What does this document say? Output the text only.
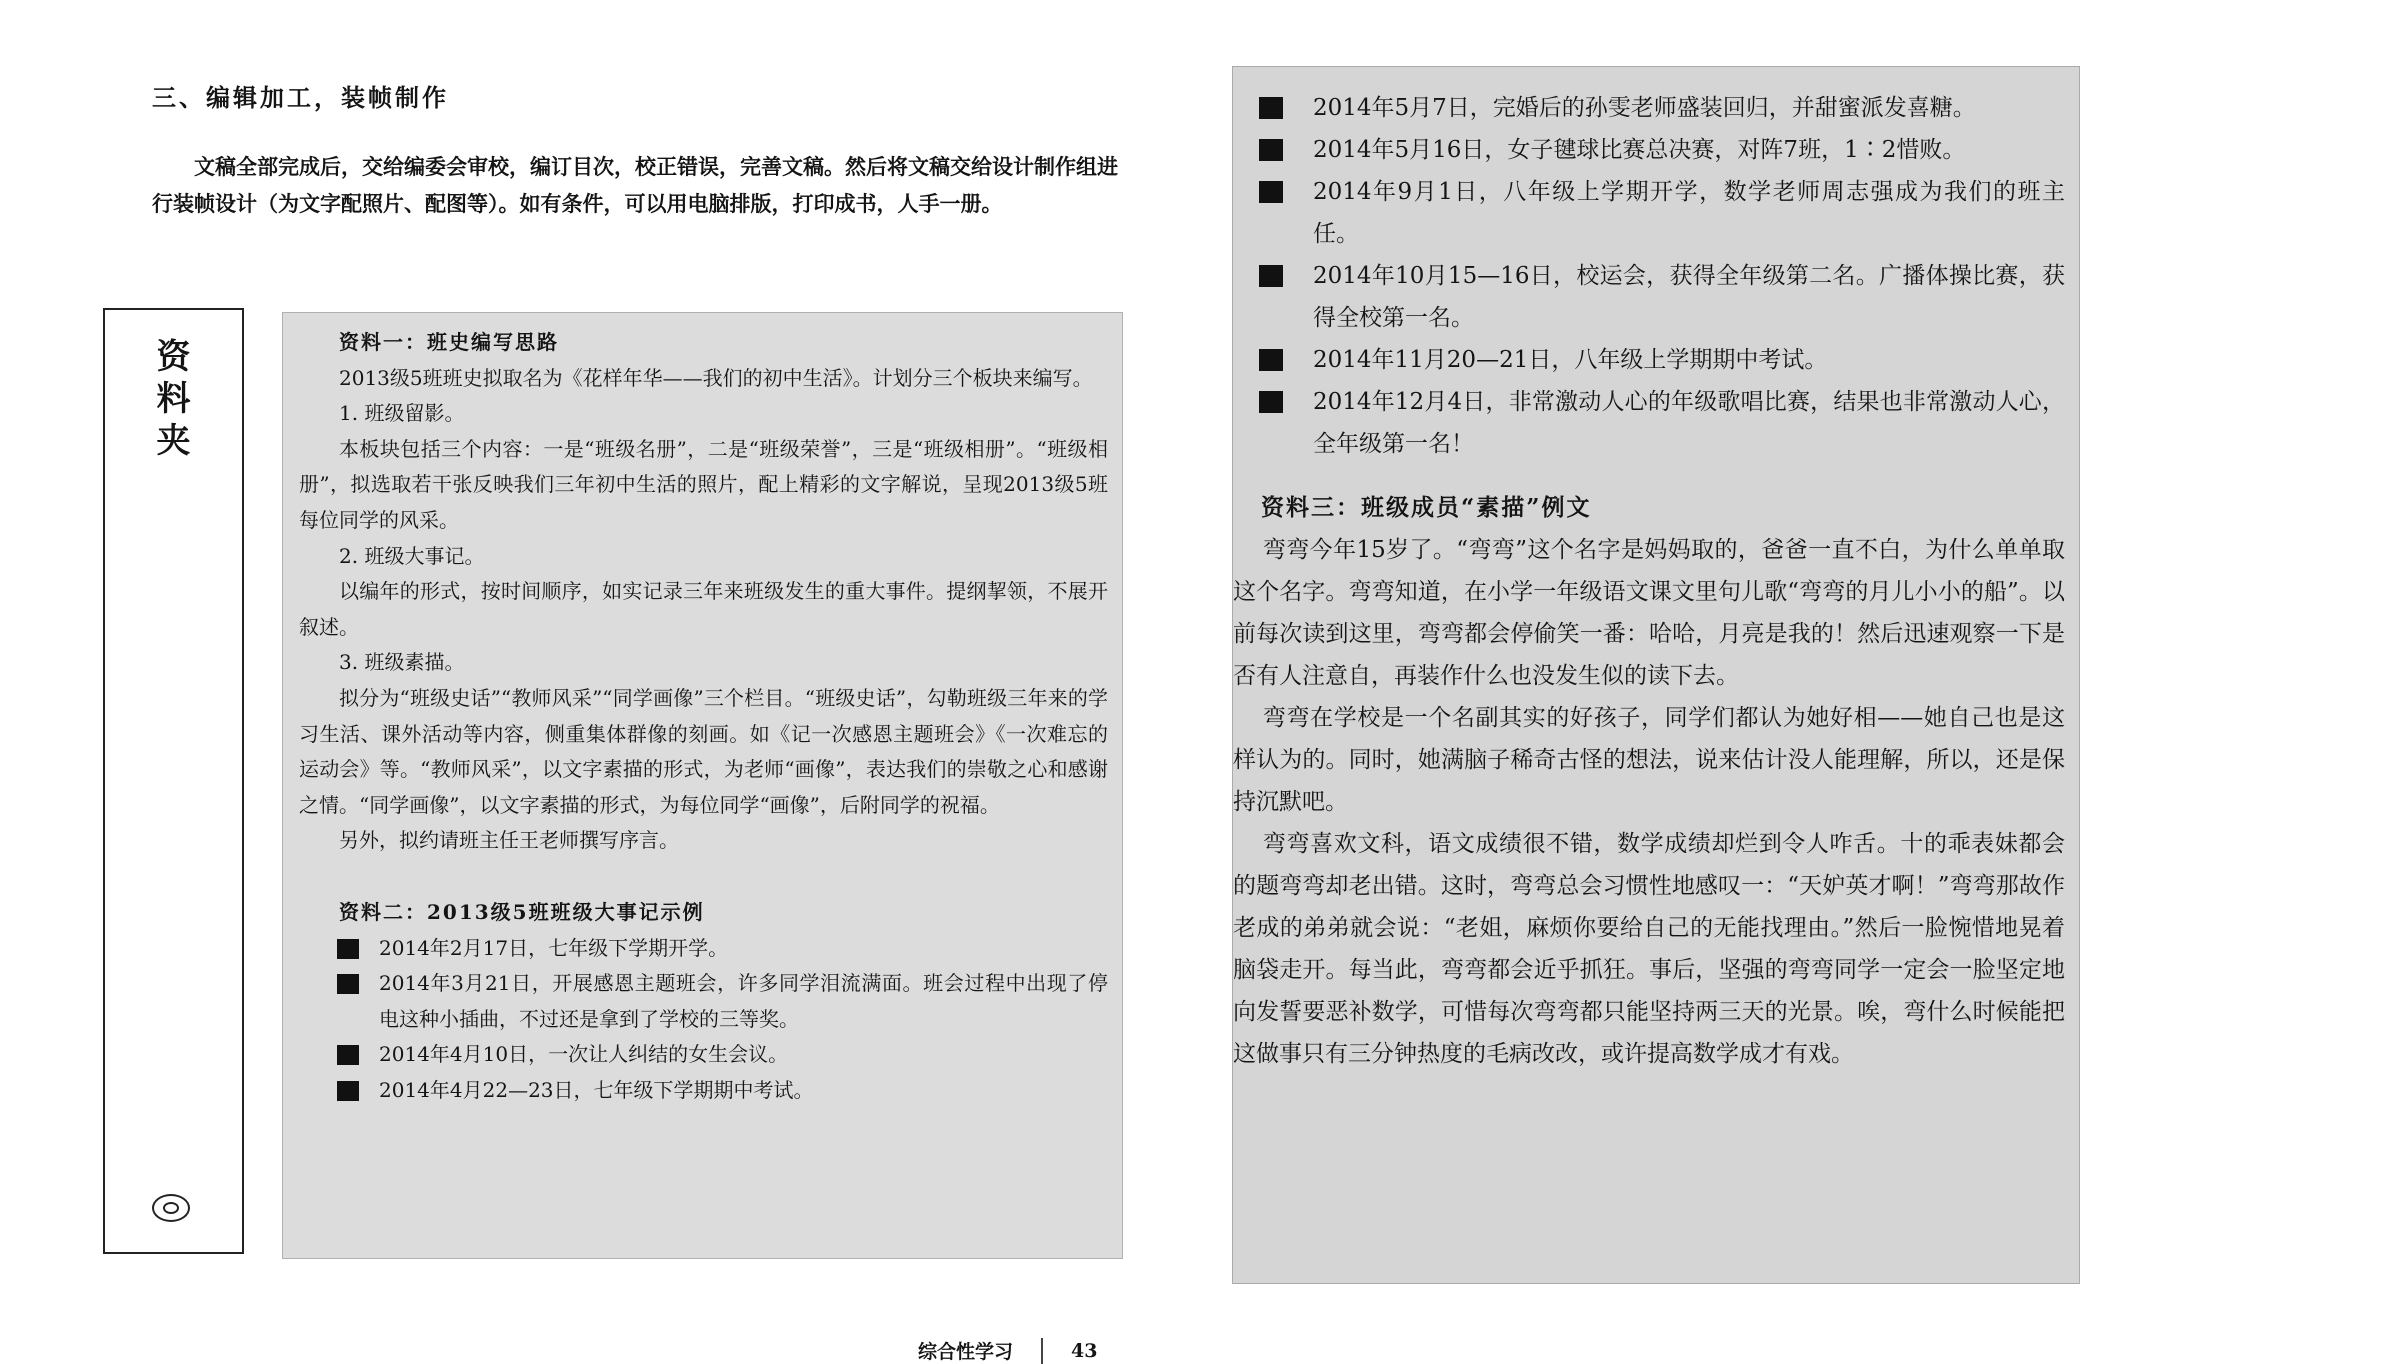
三、编辑加工，装帧制作

文稿全部完成后，交给编委会审校，编订目次，校正错误，完善文稿。然后将文稿交给设计制作组进行装帧设计（为文字配照片、配图等）。如有条件，可以用电脑排版，打印成书，人手一册。

资
料
夹
资料一：班史编写思路

2013级5班班史拟取名为《花样年华——我们的初中生活》。计划分三个板块来编写。

1. 班级留影。

本板块包括三个内容：一是“班级名册”，二是“班级荣誉”，三是“班级相册”。“班级相册”，拟选取若干张反映我们三年初中生活的照片，配上精彩的文字解说，呈现2013级5班每位同学的风采。

2. 班级大事记。

以编年的形式，按时间顺序，如实记录三年来班级发生的重大事件。提纲挈领，不展开叙述。

3. 班级素描。

拟分为“班级史话”“教师风采”“同学画像”三个栏目。“班级史话”，勾勒班级三年来的学习生活、课外活动等内容，侧重集体群像的刻画。如《记一次感恩主题班会》《一次难忘的运动会》等。“教师风采”，以文字素描的形式，为老师“画像”，表达我们的崇敬之心和感谢之情。“同学画像”，以文字素描的形式，为每位同学“画像”，后附同学的祝福。

另外，拟约请班主任王老师撰写序言。

资料二：2013级5班班级大事记示例
2014年2月17日，七年级下学期开学。
2014年3月21日，开展感恩主题班会，许多同学泪流满面。班会过程中出现了停电这种小插曲，不过还是拿到了学校的三等奖。
2014年4月10日，一次让人纠结的女生会议。
2014年4月22—23日，七年级下学期期中考试。
2014年5月7日，完婚后的孙雯老师盛装回归，并甜蜜派发喜糖。
2014年5月16日，女子毽球比赛总决赛，对阵7班，1∶2惜败。
2014年9月1日，八年级上学期开学，数学老师周志强成为我们的班主任。
2014年10月15—16日，校运会，获得全年级第二名。广播体操比赛，获得全校第一名。
2014年11月20—21日，八年级上学期期中考试。
2014年12月4日，非常激动人心的年级歌唱比赛，结果也非常激动人心，全年级第一名！
资料三：班级成员“素描”例文

弯弯今年15岁了。“弯弯”这个名字是妈妈取的，爸爸一直不白，为什么单单取这个名字。弯弯知道，在小学一年级语文课文里句儿歌“弯弯的月儿小小的船”。以前每次读到这里，弯弯都会停偷笑一番：哈哈，月亮是我的！然后迅速观察一下是否有人注意自，再装作什么也没发生似的读下去。

弯弯在学校是一个名副其实的好孩子，同学们都认为她好相——她自己也是这样认为的。同时，她满脑子稀奇古怪的想法，说来估计没人能理解，所以，还是保持沉默吧。

弯弯喜欢文科，语文成绩很不错，数学成绩却烂到令人咋舌。十的乖表妹都会的题弯弯却老出错。这时，弯弯总会习惯性地感叹一：“天妒英才啊！”弯弯那故作老成的弟弟就会说：“老姐，麻烦你要给自己的无能找理由。”然后一脸惋惜地晃着脑袋走开。每当此，弯弯都会近乎抓狂。事后，坚强的弯弯同学一定会一脸坚定地向发誓要恶补数学，可惜每次弯弯都只能坚持两三天的光景。唉，弯什么时候能把这做事只有三分钟热度的毛病改改，或许提高数学成才有戏。

综合性学习	43
